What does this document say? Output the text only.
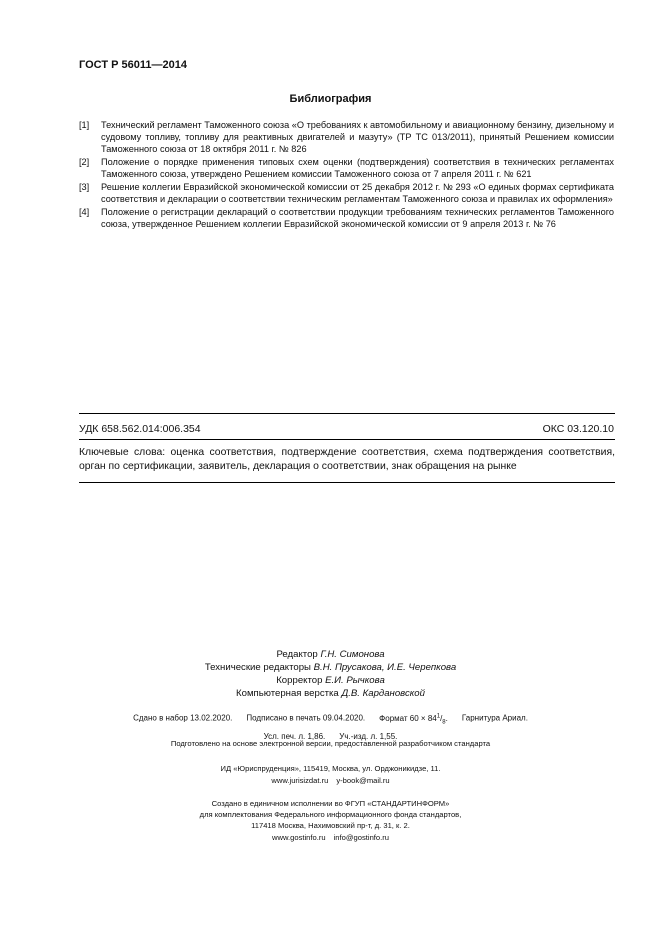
ГОСТ Р 56011—2014
Библиография
[1]	Технический регламент Таможенного союза «О требованиях к автомобильному и авиационному бензину, дизельному и судовому топливу, топливу для реактивных двигателей и мазуту» (ТР ТС 013/2011), принятый Решением комиссии Таможенного союза от 18 октября 2011 г. № 826
[2]	Положение о порядке применения типовых схем оценки (подтверждения) соответствия в технических регламентах Таможенного союза, утверждено Решением комиссии Таможенного союза от 7 апреля 2011 г. № 621
[3]	Решение коллегии Евразийской экономической комиссии от 25 декабря 2012 г. № 293 «О единых формах сертификата соответствия и декларации о соответствии техническим регламентам Таможенного союза и правилах их оформления»
[4]	Положение о регистрации деклараций о соответствии продукции требованиям технических регламентов Таможенного союза, утвержденное Решением коллегии Евразийской экономической комиссии от 9 апреля 2013 г. № 76
УДК 658.562.014:006.354	ОКС 03.120.10
Ключевые слова: оценка соответствия, подтверждение соответствия, схема подтверждения соответствия, орган по сертификации, заявитель, декларация о соответствии, знак обращения на рынке
Редактор Г.Н. Симонова
Технические редакторы В.Н. Прусакова, И.Е. Черепкова
Корректор Е.И. Рычкова
Компьютерная верстка Д.В. Кардановской
Сдано в набор 13.02.2020. Подписано в печать 09.04.2020. Формат $60 \times 84^1/_8$. Гарнитура Ариал.
Усл. печ. л. 1,86. Уч.-изд. л. 1,55.
Подготовлено на основе электронной версии, предоставленной разработчиком стандарта
ИД «Юриспруденция», 115419, Москва, ул. Орджоникидзе, 11.
www.jurisizdat.ru y-book@mail.ru
Создано в единичном исполнении во ФГУП «СТАНДАРТИНФОРМ»
для комплектования Федерального информационного фонда стандартов,
117418 Москва, Нахимовский пр-т, д. 31, к. 2.
www.gostinfo.ru info@gostinfo.ru
